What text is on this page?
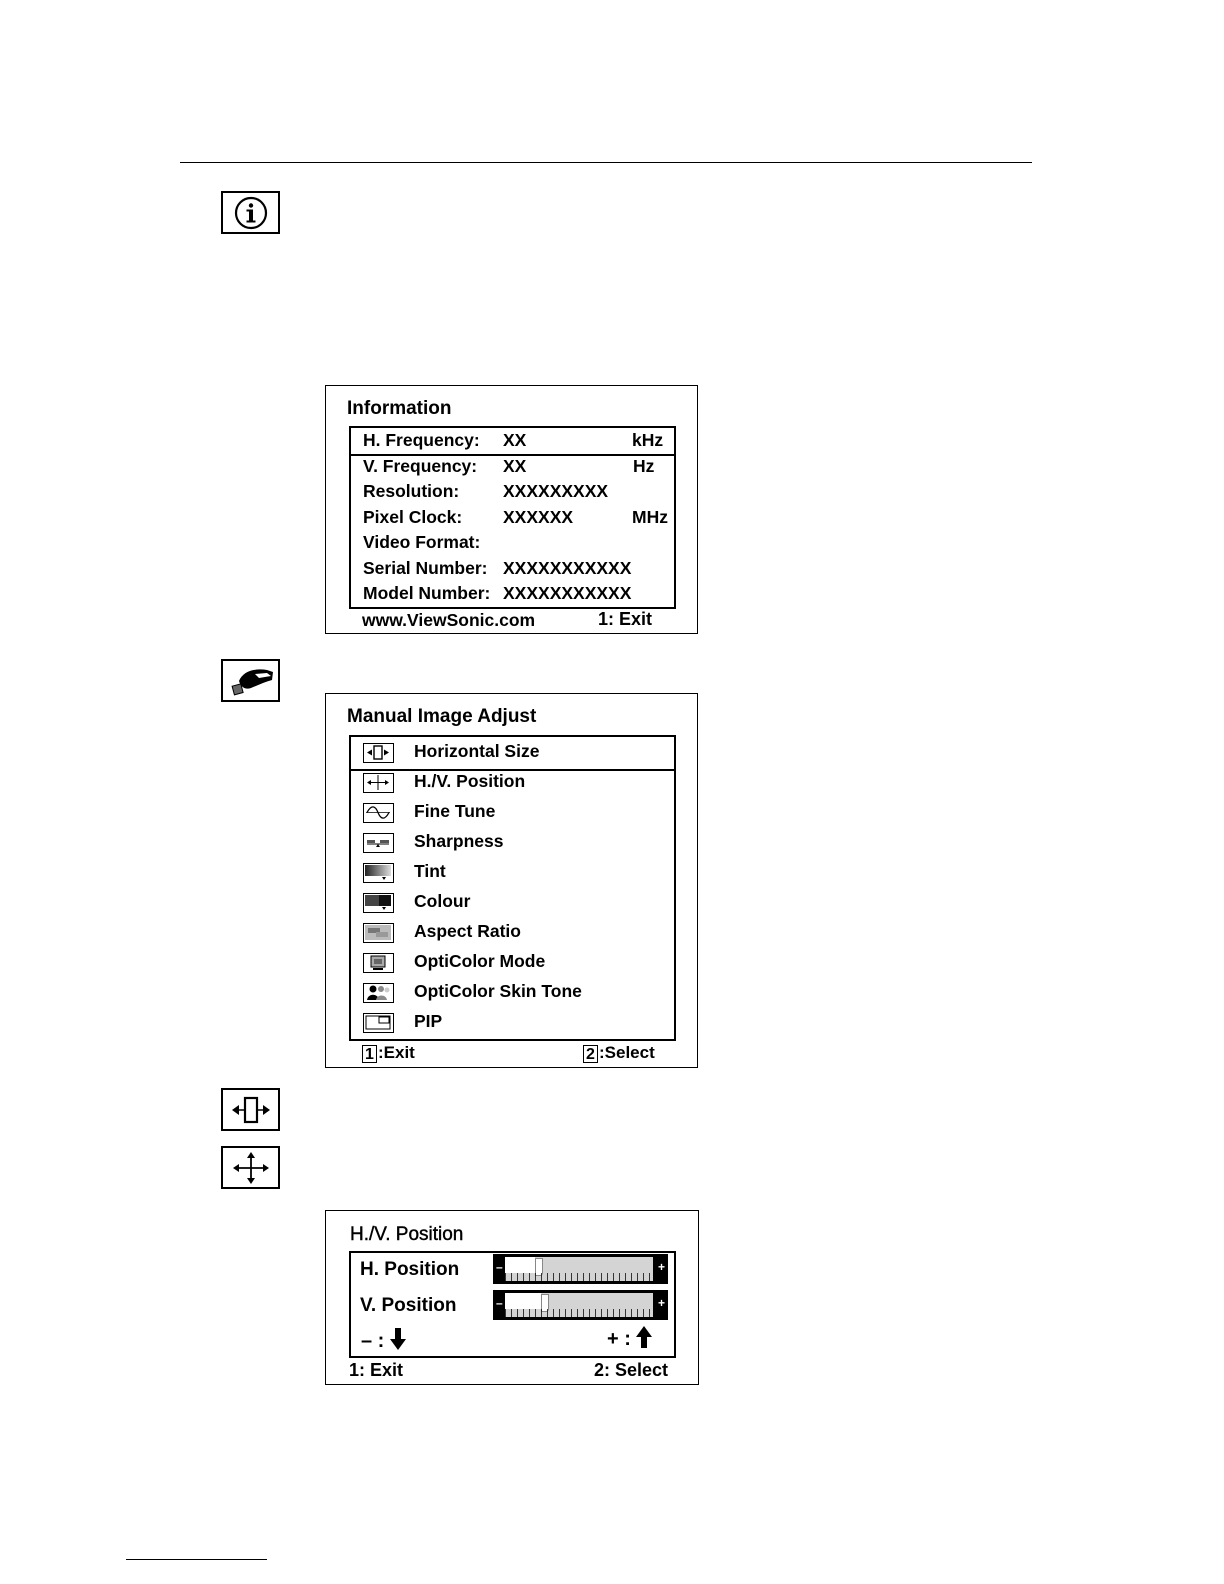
Information
www.ViewSonic.com	1: Exit
H. Frequency: XX	kHz
V. Frequency: XX	Hz
Resolution:	XXXXXXXXX
Pixel Clock: XXXXXX	MHz
Video Format:
Serial Number: XXXXXXXXXXX
Model Number: XXXXXXXXXXX
Manual Image Adjust
1 :Exit	2 :Select
Horizontal Size
H./V. Position
Fine Tune
Sharpness
Tint
Colour
Aspect Ratio
OptiColor Mode
OptiColor Skin Tone
PIP
H./V. Position
H. Position
V. Position
–	+
–	+
– :	+ :
1: Exit	2: Select
